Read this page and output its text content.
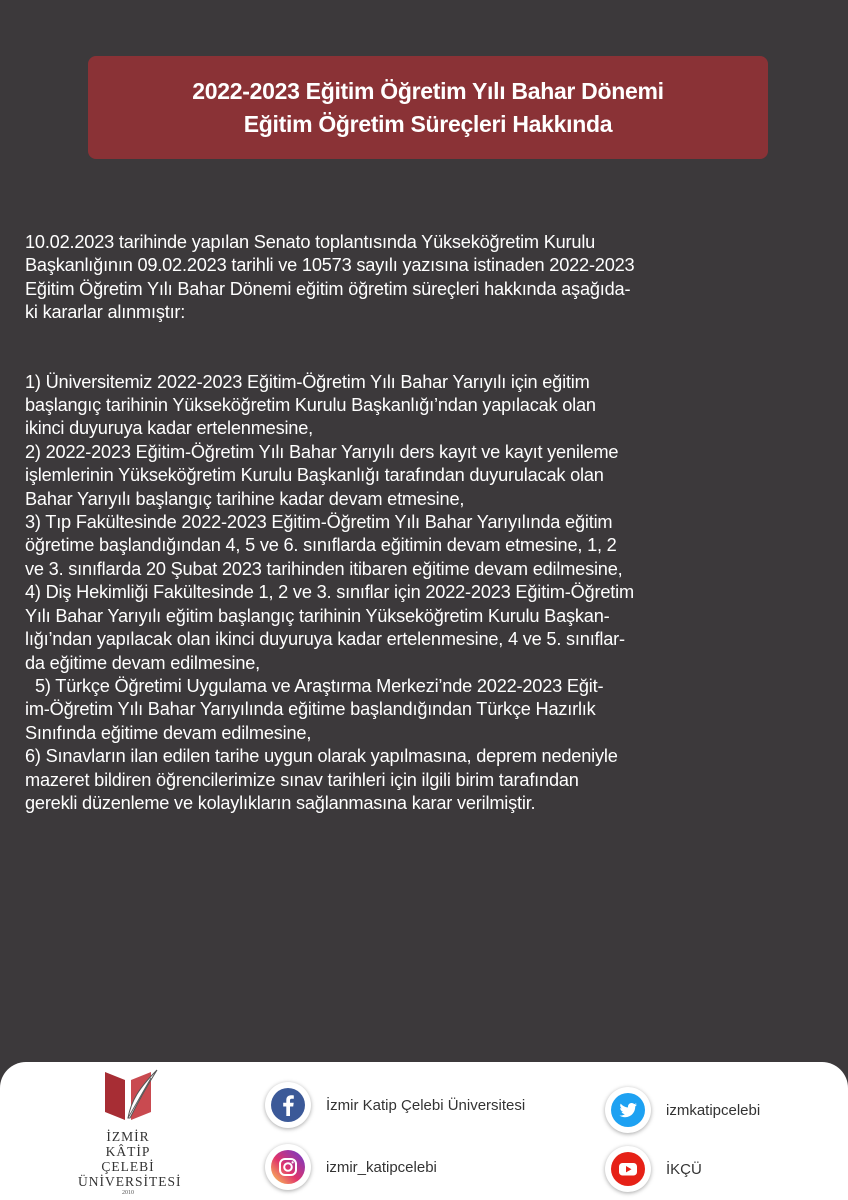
2022-2023 Eğitim Öğretim Yılı Bahar Dönemi
Eğitim Öğretim Süreçleri Hakkında

10.02.2023 tarihinde yapılan Senato toplantısında Yükseköğretim Kurulu

Başkanlığının 09.02.2023 tarihli ve 10573 sayılı yazısına istinaden 2022-2023

Eğitim Öğretim Yılı Bahar Dönemi eğitim öğretim süreçleri hakkında aşağıda-

ki kararlar alınmıştır:

1) Üniversitemiz 2022-2023 Eğitim-Öğretim Yılı Bahar Yarıyılı için eğitim

başlangıç tarihinin Yükseköğretim Kurulu Başkanlığı’ndan yapılacak olan

ikinci duyuruya kadar ertelenmesine,

2) 2022-2023 Eğitim-Öğretim Yılı Bahar Yarıyılı ders kayıt ve kayıt yenileme

işlemlerinin Yükseköğretim Kurulu Başkanlığı tarafından duyurulacak olan

Bahar Yarıyılı başlangıç tarihine kadar devam etmesine,

3) Tıp Fakültesinde 2022-2023 Eğitim-Öğretim Yılı Bahar Yarıyılında eğitim

öğretime başlandığından 4, 5 ve 6. sınıflarda eğitimin devam etmesine, 1, 2

ve 3. sınıflarda 20 Şubat 2023 tarihinden itibaren eğitime devam edilmesine,

4) Diş Hekimliği Fakültesinde 1, 2 ve 3. sınıflar için 2022-2023 Eğitim-Öğretim

Yılı Bahar Yarıyılı eğitim başlangıç tarihinin Yükseköğretim Kurulu Başkan-

lığı’ndan yapılacak olan ikinci duyuruya kadar ertelenmesine, 4 ve 5. sınıflar-

da eğitime devam edilmesine,

5) Türkçe Öğretimi Uygulama ve Araştırma Merkezi’nde 2022-2023 Eğit-

im-Öğretim Yılı Bahar Yarıyılında eğitime başlandığından Türkçe Hazırlık

Sınıfında eğitime devam edilmesine,

6) Sınavların ilan edilen tarihe uygun olarak yapılmasına, deprem nedeniyle

mazeret bildiren öğrencilerimize sınav tarihleri için ilgili birim tarafından

gerekli düzenleme ve kolaylıkların sağlanmasına karar verilmiştir.

İZMİR
KÂTİP ÇELEBİ
ÜNİVERSİTESİ
2010
İzmir Katip Çelebi Üniversitesi
izmir_katipcelebi
izmkatipcelebi
İKÇÜ
